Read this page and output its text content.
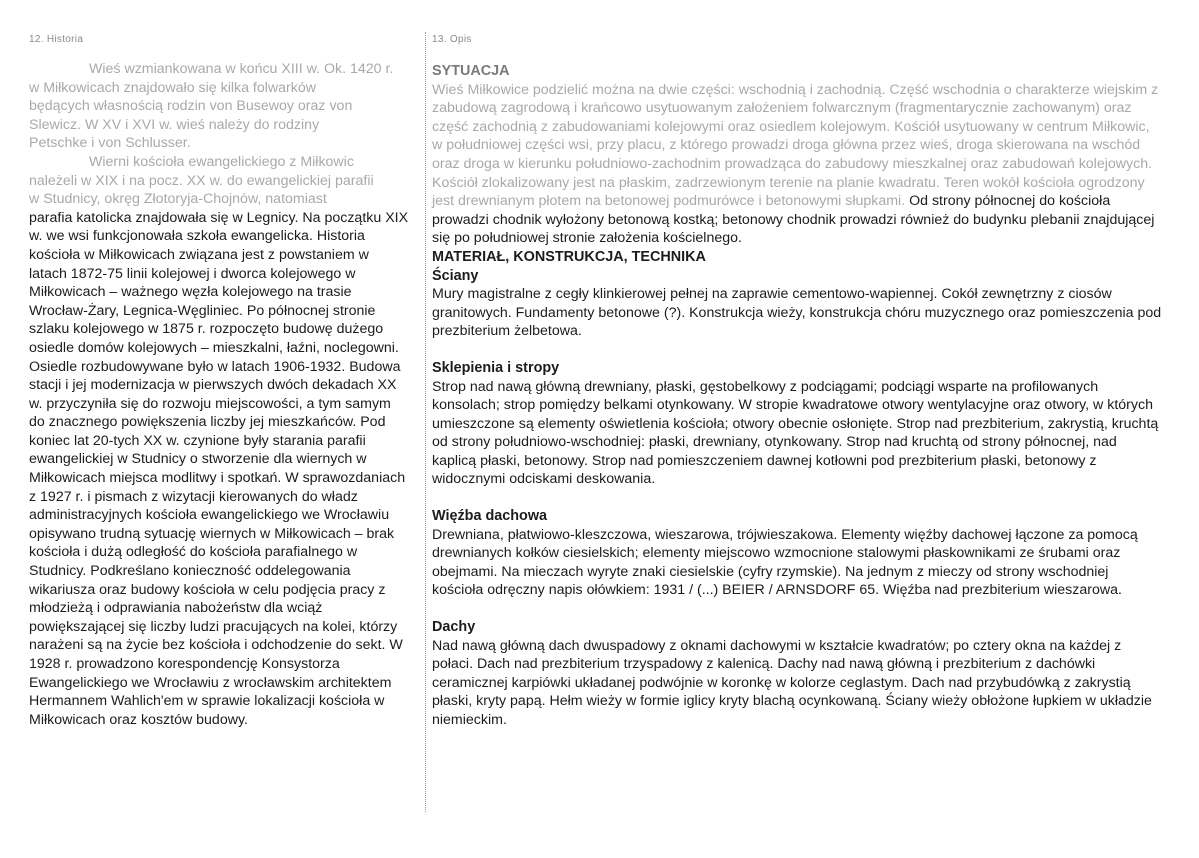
12. Historia

Wieś wzmiankowana w końcu XIII w. Ok. 1420 r.

w Miłkowicach znajdowało się kilka folwarków

będących własnością rodzin von Busewoy oraz von

Slewicz. W XV i XVI w. wieś należy do rodziny

Petschke i von Schlusser.

Wierni kościoła ewangelickiego z Miłkowic

należeli w XIX i na pocz. XX w. do ewangelickiej parafii

w Studnicy, okręg Złotoryja-Chojnów, natomiast

parafia katolicka znajdowała się w Legnicy. Na początku XIX w. we wsi funkcjonowała szkoła ewangelicka. Historia kościoła w Miłkowicach związana jest z powstaniem w latach 1872-75 linii kolejowej i dworca kolejowego w Miłkowicach – ważnego węzła kolejowego na trasie Wrocław-Żary, Legnica-Węgliniec. Po północnej stronie szlaku kolejowego w 1875 r. rozpoczęto budowę dużego osiedle domów kolejowych – mieszkalni, łaźni, noclegowni. Osiedle rozbudowywane było w latach 1906-1932. Budowa stacji i jej modernizacja w pierwszych dwóch dekadach XX w. przyczyniła się do rozwoju miejscowości, a tym samym do znacznego powiększenia liczby jej mieszkańców. Pod koniec lat 20-tych XX w. czynione były starania parafii ewangelickiej w Studnicy o stworzenie dla wiernych w Miłkowicach miejsca modlitwy i spotkań. W sprawozdaniach z 1927 r. i pismach z wizytacji kierowanych do władz administracyjnych kościoła ewangelickiego we Wrocławiu opisywano trudną sytuację wiernych w Miłkowicach – brak kościoła i dużą odległość do kościoła parafialnego w Studnicy. Podkreślano konieczność oddelegowania wikariusza oraz budowy kościoła w celu podjęcia pracy z młodzieżą i odprawiania nabożeństw dla wciąż powiększającej się liczby ludzi pracujących na kolei, którzy narażeni są na życie bez kościoła i odchodzenie do sekt. W 1928 r. prowadzono korespondencję Konsystorza Ewangelickiego we Wrocławiu z wrocławskim architektem Hermannem Wahlich'em w sprawie lokalizacji kościoła w Miłkowicach oraz kosztów budowy.

13. Opis

SYTUACJA

Wieś Miłkowice podzielić można na dwie części: wschodnią i zachodnią. Część wschodnia o charakterze wiejskim z zabudową zagrodową i krańcowo usytuowanym założeniem folwarcznym (fragmentarycznie zachowanym) oraz część zachodnią z zabudowaniami kolejowymi oraz osiedlem kolejowym. Kościół usytuowany w centrum Miłkowic, w południowej części wsi, przy placu, z którego prowadzi droga główna przez wieś, droga skierowana na wschód oraz droga w kierunku południowo-zachodnim prowadząca do zabudowy mieszkalnej oraz zabudowań kolejowych. Kościół zlokalizowany jest na płaskim, zadrzewionym terenie na planie kwadratu. Teren wokół kościoła ogrodzony jest drewnianym płotem na betonowej podmurówce i betonowymi słupkami. Od strony północnej do kościoła prowadzi chodnik wyłożony betonową kostką; betonowy chodnik prowadzi również do budynku plebanii znajdującej się po południowej stronie założenia kościelnego.

MATERIAŁ, KONSTRUKCJA, TECHNIKA

Ściany

Mury magistralne z cegły klinkierowej pełnej na zaprawie cementowo-wapiennej. Cokół zewnętrzny z ciosów granitowych. Fundamenty betonowe (?). Konstrukcja wieży, konstrukcja chóru muzycznego oraz pomieszczenia pod prezbiterium żelbetowa.

Sklepienia i stropy

Strop nad nawą główną drewniany, płaski, gęstobelkowy z podciągami; podciągi wsparte na profilowanych konsolach; strop pomiędzy belkami otynkowany. W stropie kwadratowe otwory wentylacyjne oraz otwory, w których umieszczone są elementy oświetlenia kościoła; otwory obecnie osłonięte. Strop nad prezbiterium, zakrystią, kruchtą od strony południowo-wschodniej: płaski, drewniany, otynkowany. Strop nad kruchtą od strony północnej, nad kaplicą płaski, betonowy. Strop nad pomieszczeniem dawnej kotłowni pod prezbiterium płaski, betonowy z widocznymi odciskami deskowania.

Więźba dachowa

Drewniana, płatwiowo-kleszczowa, wieszarowa, trójwieszakowa. Elementy więźby dachowej łączone za pomocą drewnianych kołków ciesielskich; elementy miejscowo wzmocnione stalowymi płaskownikami ze śrubami oraz obejmami. Na mieczach wyryte znaki ciesielskie (cyfry rzymskie). Na jednym z mieczy od strony wschodniej kościoła odręczny napis ołówkiem: 1931 / (...) BEIER / ARNSDORF 65. Więźba nad prezbiterium wieszarowa.

Dachy

Nad nawą główną dach dwuspadowy z oknami dachowymi w kształcie kwadratów; po cztery okna na każdej z połaci. Dach nad prezbiterium trzyspadowy z kalenicą. Dachy nad nawą główną i prezbiterium z dachówki ceramicznej karpiówki układanej podwójnie w koronkę w kolorze ceglastym. Dach nad przybudówką z zakrystią płaski, kryty papą. Hełm wieży w formie iglicy kryty blachą ocynkowaną. Ściany wieży obłożone łupkiem w układzie niemieckim.
